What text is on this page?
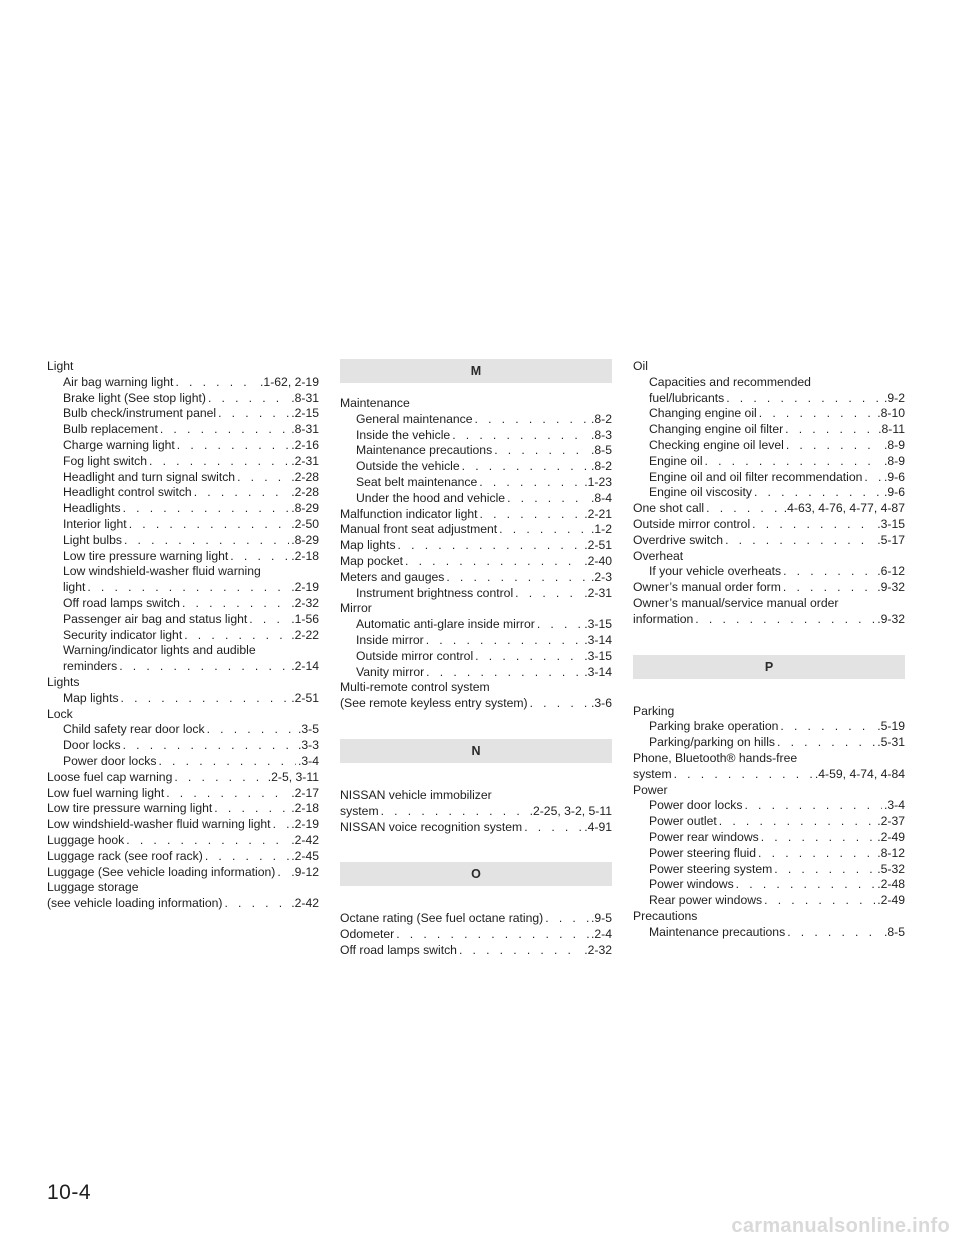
Light
Air bag warning light . . .	.1-62, 2-19
Brake light (See stop light) . . .	.8-31
Bulb check/instrument panel . . .	.2-15
Bulb replacement . . .	.8-31
Charge warning light . . .	.2-16
Fog light switch . . .	.2-31
Headlight and turn signal switch . . .	.2-28
Headlight control switch . . .	.2-28
Headlights . . .	.8-29
Interior light . . .	.2-50
Light bulbs . . .	.8-29
Low tire pressure warning light . . .	.2-18
Low windshield-washer fluid warning
light . . .	.2-19
Off road lamps switch . . .	.2-32
Passenger air bag and status light . . .	.1-56
Security indicator light . . .	.2-22
Warning/indicator lights and audible
reminders . . .	.2-14
Lights
Map lights . . .	.2-51
Lock
Child safety rear door lock . . .	.3-5
Door locks . . .	.3-3
Power door locks . . .	.3-4
Loose fuel cap warning . . .	.2-5, 3-11
Low fuel warning light . . .	.2-17
Low tire pressure warning light . . .	.2-18
Low windshield-washer fluid warning light . . . .2-19
Luggage hook . . .	.2-42
Luggage rack (see roof rack) . . .	.2-45
Luggage (See vehicle loading information) . . . .9-12
Luggage storage
(see vehicle loading information) . . .	.2-42
M
Maintenance
General maintenance . . .	.8-2
Inside the vehicle . . .	.8-3
Maintenance precautions . . .	.8-5
Outside the vehicle . . .	.8-2
Seat belt maintenance . . .	.1-23
Under the hood and vehicle . . .	.8-4
Malfunction indicator light . . .	.2-21
Manual front seat adjustment . . .	.1-2
Map lights . . .	.2-51
Map pocket . . .	.2-40
Meters and gauges . . .	.2-3
Instrument brightness control . . .	.2-31
Mirror
Automatic anti-glare inside mirror . . .	.3-15
Inside mirror . . .	.3-14
Outside mirror control . . .	.3-15
Vanity mirror . . .	.3-14
Multi-remote control system
(See remote keyless entry system) . . .	.3-6
N
NISSAN vehicle immobilizer
system . . .	.2-25, 3-2, 5-11
NISSAN voice recognition system . . .	.4-91
O
Octane rating (See fuel octane rating) . . .	.9-5
Odometer . . .	.2-4
Off road lamps switch . . .	.2-32
Oil
Capacities and recommended
fuel/lubricants . . .	.9-2
Changing engine oil . . .	.8-10
Changing engine oil filter . . .	.8-11
Checking engine oil level . . .	.8-9
Engine oil . . .	.8-9
Engine oil and oil filter recommendation . . . .9-6
Engine oil viscosity . . .	.9-6
One shot call . . .	.4-63, 4-76, 4-77, 4-87
Outside mirror control . . .	.3-15
Overdrive switch . . .	.5-17
Overheat
If your vehicle overheats . . .	.6-12
Owner’s manual order form . . .	.9-32
Owner’s manual/service manual order
information . . .	.9-32
P
Parking
Parking brake operation . . .	.5-19
Parking/parking on hills . . .	.5-31
Phone, Bluetooth® hands-free
system . . .	.4-59, 4-74, 4-84
Power
Power door locks . . .	.3-4
Power outlet . . .	.2-37
Power rear windows . . .	.2-49
Power steering fluid . . .	.8-12
Power steering system . . .	.5-32
Power windows . . .	.2-48
Rear power windows . . .	.2-49
Precautions
Maintenance precautions . . .	.8-5
10-4
carmanualsonline.info
